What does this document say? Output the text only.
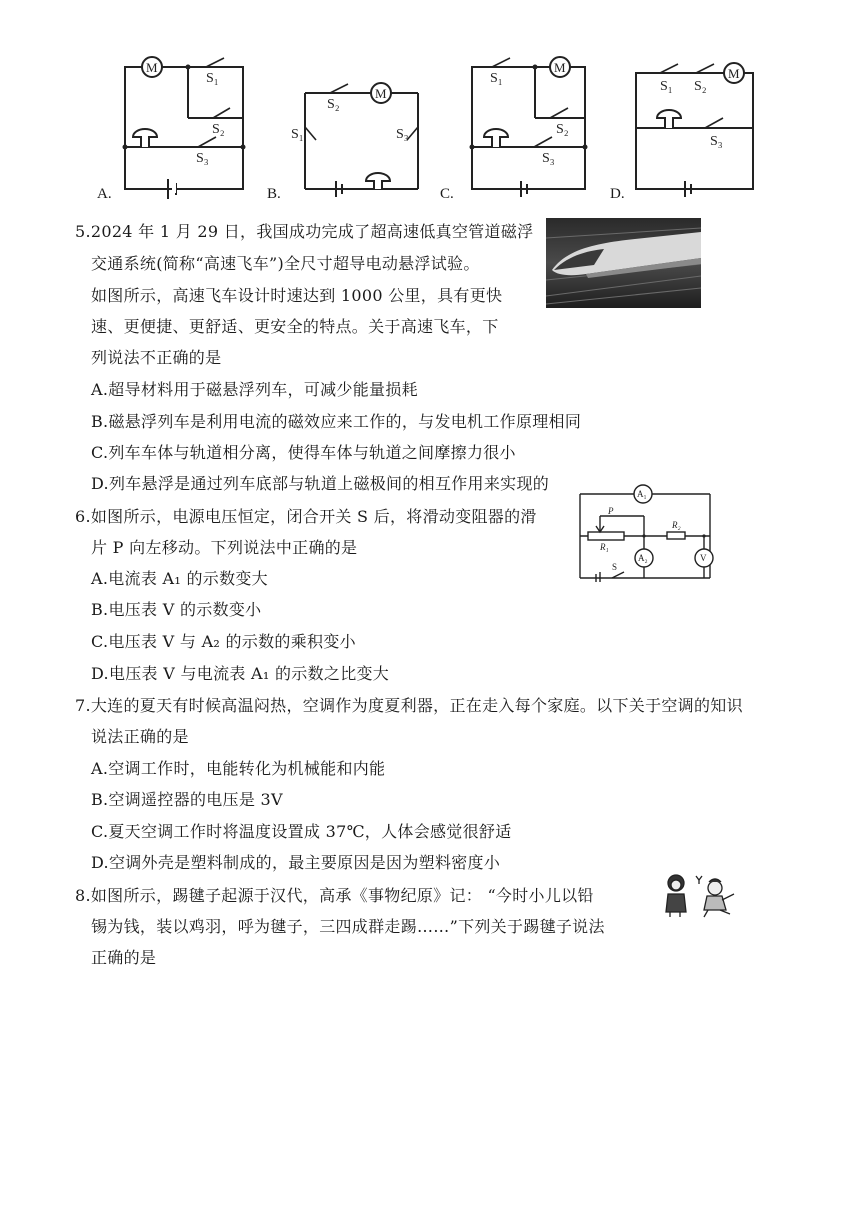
M
M
M	M
S₁
S₂
S₃
S₂
S₁	S₃
S₁
S₂
S₃
S₁ S₂
S₃
A.	B.	C.	D.
5.2024 年 1 月 29 日，我国成功完成了超高速低真空管道磁浮
交通系统(简称“高速飞车”)全尺寸超导电动悬浮试验。
如图所示，高速飞车设计时速达到 1000 公里，具有更快
速、更便捷、更舒适、更安全的特点。关于高速飞车，下
列说法不正确的是
A.超导材料用于磁悬浮列车，可减少能量损耗
B.磁悬浮列车是利用电流的磁效应来工作的，与发电机工作原理相同
C.列车车体与轨道相分离，使得车体与轨道之间摩擦力很小
D.列车悬浮是通过列车底部与轨道上磁极间的相互作用来实现的
6.如图所示，电源电压恒定，闭合开关 S 后，将滑动变阻器的滑
片 P 向左移动。下列说法中正确的是
A.电流表 A₁ 的示数变大
B.电压表 V 的示数变小
C.电压表 V 与 A₂ 的示数的乘积变小
D.电压表 V 与电流表 A₁ 的示数之比变大
A₁
A₂	V
P
R₁
R₂
S
7.大连的夏天有时候高温闷热，空调作为度夏利器，正在走入每个家庭。以下关于空调的知识
说法正确的是
A.空调工作时，电能转化为机械能和内能
B.空调遥控器的电压是 3V
C.夏天空调工作时将温度设置成 37℃，人体会感觉很舒适
D.空调外壳是塑料制成的，最主要原因是因为塑料密度小
8.如图所示，踢毽子起源于汉代，高承《事物纪原》记： “今时小儿以铅
锡为钱，装以鸡羽，呼为毽子，三四成群走踢……”下列关于踢毽子说法
正确的是
